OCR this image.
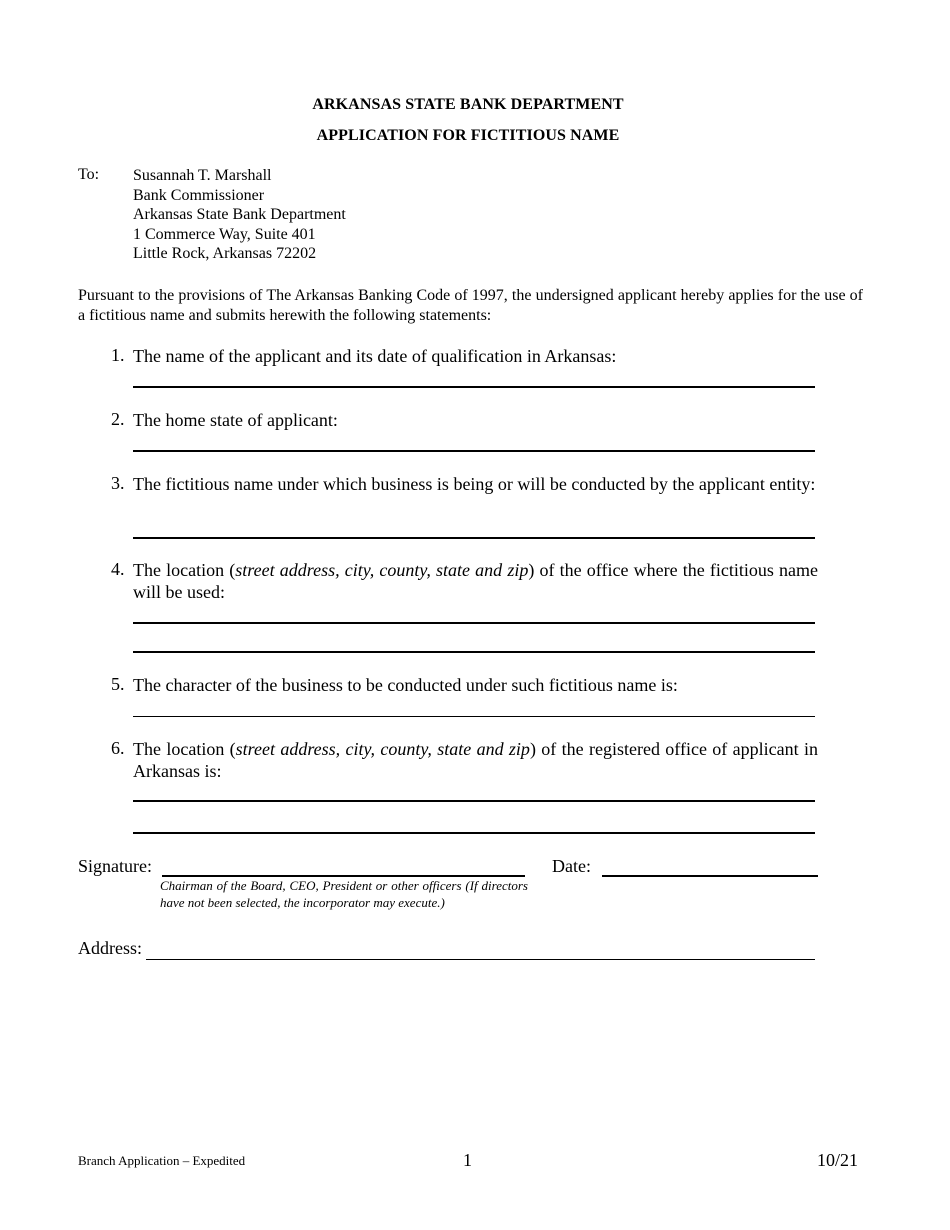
ARKANSAS STATE BANK DEPARTMENT
APPLICATION FOR FICTITIOUS NAME
To: Susannah T. Marshall
Bank Commissioner
Arkansas State Bank Department
1 Commerce Way, Suite 401
Little Rock, Arkansas 72202
Pursuant to the provisions of The Arkansas Banking Code of 1997, the undersigned applicant hereby applies for the use of a fictitious name and submits herewith the following statements:
1. The name of the applicant and its date of qualification in Arkansas:
2. The home state of applicant:
3. The fictitious name under which business is being or will be conducted by the applicant entity:
4. The location (street address, city, county, state and zip) of the office where the fictitious name will be used:
5. The character of the business to be conducted under such fictitious name is:
6. The location (street address, city, county, state and zip) of the registered office of applicant in Arkansas is:
Signature:
Chairman of the Board, CEO, President or other officers (If directors have not been selected, the incorporator may execute.)
Date:
Address:
Branch Application – Expedited	1	10/21
